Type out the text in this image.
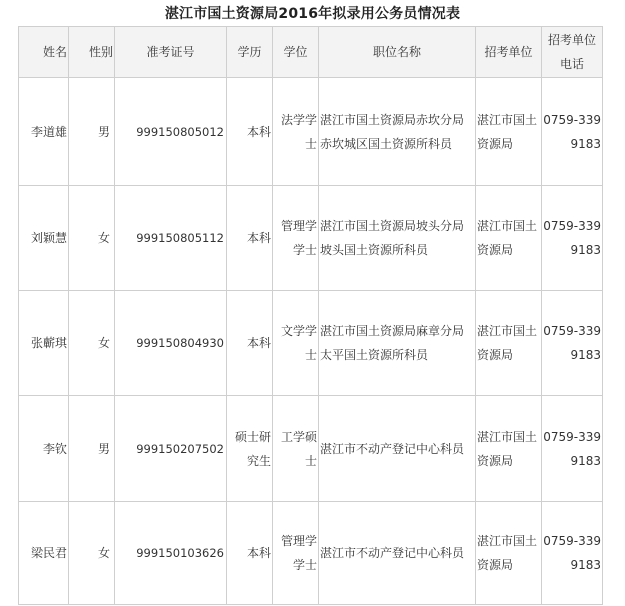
湛江市国土资源局2016年拟录用公务员情况表
姓名	性别	准考证号	学历	学位	职位名称	招考单位	招考单位电话
李道雄	男	999150805012	本科	法学学士	湛江市国土资源局赤坎分局赤坎城区国土资源所科员	湛江市国土资源局	0759-3399183
刘颖慧	女	999150805112	本科	管理学学士	湛江市国土资源局坡头分局坡头国土资源所科员	湛江市国土资源局	0759-3399183
张蘄琪	女	999150804930	本科	文学学士	湛江市国土资源局麻章分局太平国土资源所科员	湛江市国土资源局	0759-3399183
李钦	男	999150207502	硕士研究生	工学硕士	湛江市不动产登记中心科员	湛江市国土资源局	0759-3399183
梁民君	女	999150103626	本科	管理学学士	湛江市不动产登记中心科员	湛江市国土资源局	0759-3399183
